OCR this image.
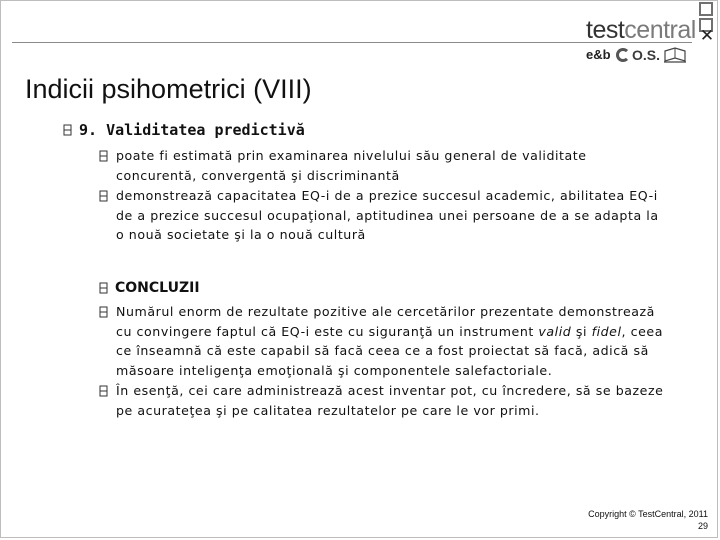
testcentral
e&b O.S.
✕
Indicii psihometrici (VIII)
9. Validitatea predictivă
poate fi estimată prin examinarea nivelului său general de validitate
concurentă, convergentă şi discriminantă
demonstrează capacitatea EQ-i de a prezice succesul academic, abilitatea EQ-i
de a prezice succesul ocupaţional, aptitudinea unei persoane de a se adapta la
o nouă societate şi la o nouă cultură
CONCLUZII
Numărul enorm de rezultate pozitive ale cercetărilor prezentate demonstrează
cu convingere faptul că EQ-i este cu siguranţă un instrument valid şi fidel, ceea
ce înseamnă că este capabil să facă ceea ce a fost proiectat să facă, adică să
măsoare inteligenţa emoţională şi componentele salefactoriale.
În esenţă, cei care administrează acest inventar pot, cu încredere, să se bazeze
pe acurateţea şi pe calitatea rezultatelor pe care le vor primi.
Copyright © TestCentral, 2011
29
